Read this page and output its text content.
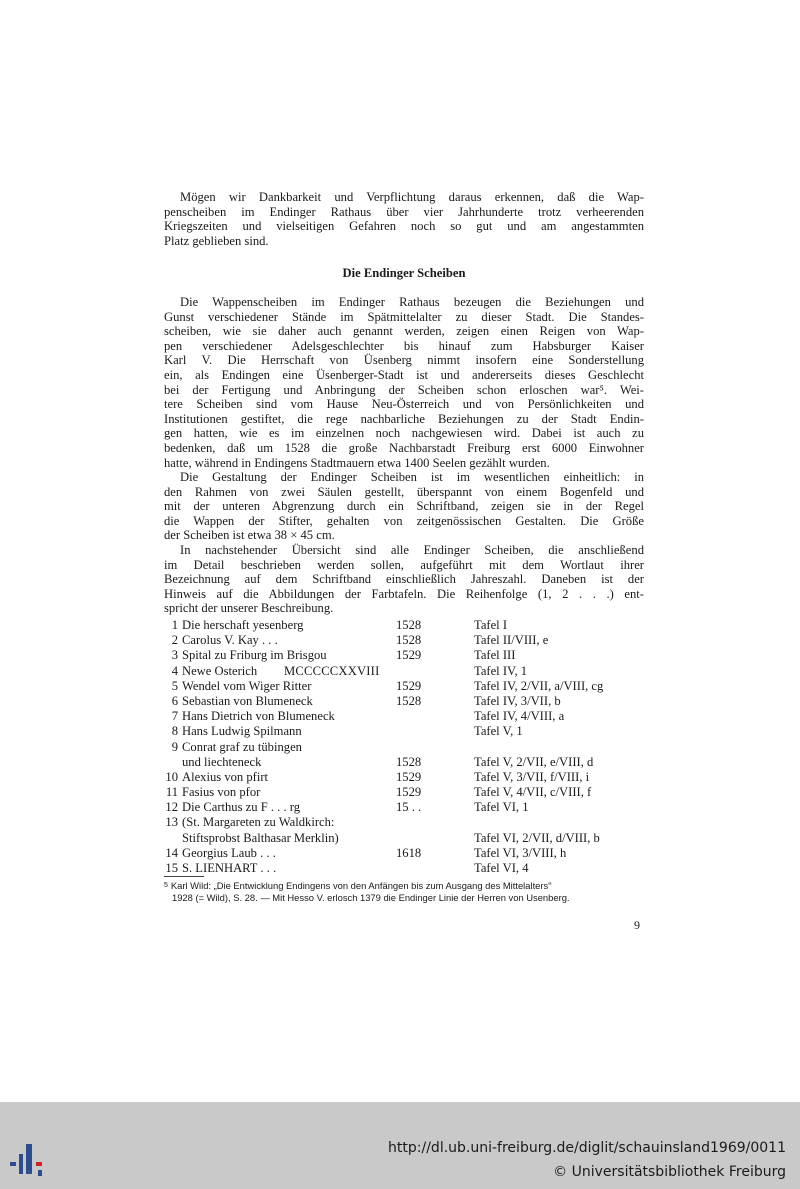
Mögen wir Dankbarkeit und Verpflichtung daraus erkennen, daß die Wap-
penscheiben im Endinger Rathaus über vier Jahrhunderte trotz verheerenden
Kriegszeiten und vielseitigen Gefahren noch so gut und am angestammten
Platz geblieben sind.
Die Endinger Scheiben
Die Wappenscheiben im Endinger Rathaus bezeugen die Beziehungen und
Gunst verschiedener Stände im Spätmittelalter zu dieser Stadt. Die Standes-
scheiben, wie sie daher auch genannt werden, zeigen einen Reigen von Wap-
pen verschiedener Adelsgeschlechter bis hinauf zum Habsburger Kaiser
Karl V. Die Herrschaft von Üsenberg nimmt insofern eine Sonderstellung
ein, als Endingen eine Üsenberger-Stadt ist und andererseits dieses Geschlecht
bei der Fertigung und Anbringung der Scheiben schon erloschen war⁵. Wei-
tere Scheiben sind vom Hause Neu-Österreich und von Persönlichkeiten und
Institutionen gestiftet, die rege nachbarliche Beziehungen zu der Stadt Endin-
gen hatten, wie es im einzelnen noch nachgewiesen wird. Dabei ist auch zu
bedenken, daß um 1528 die große Nachbarstadt Freiburg erst 6000 Einwohner
hatte, während in Endingens Stadtmauern etwa 1400 Seelen gezählt wurden.
Die Gestaltung der Endinger Scheiben ist im wesentlichen einheitlich: in
den Rahmen von zwei Säulen gestellt, überspannt von einem Bogenfeld und
mit der unteren Abgrenzung durch ein Schriftband, zeigen sie in der Regel
die Wappen der Stifter, gehalten von zeitgenössischen Gestalten. Die Größe
der Scheiben ist etwa 38 × 45 cm.
In nachstehender Übersicht sind alle Endinger Scheiben, die anschließend
im Detail beschrieben werden sollen, aufgeführt mit dem Wortlaut ihrer
Bezeichnung auf dem Schriftband einschließlich Jahreszahl. Daneben ist der
Hinweis auf die Abbildungen der Farbtafeln. Die Reihenfolge (1, 2 . . .) ent-
spricht der unserer Beschreibung.
1 Die herschaft yesenberg	1528	Tafel I
2 Carolus V. Kay . . .	1528	Tafel II/VIII, e
3 Spital zu Friburg im Brisgou	1529	Tafel III
4 Newe Osterich MCCCCCXXVIII	Tafel IV, 1
5 Wendel vom Wiger Ritter	1529	Tafel IV, 2/VII, a/VIII, cg
6 Sebastian von Blumeneck	1528	Tafel IV, 3/VII, b
7 Hans Dietrich von Blumeneck	Tafel IV, 4/VIII, a
8 Hans Ludwig Spilmann	Tafel V, 1
9 Conrat graf zu tübingen
und liechteneck	1528	Tafel V, 2/VII, e/VIII, d
10 Alexius von pfirt	1529	Tafel V, 3/VII, f/VIII, i
11 Fasius von pfor	1529	Tafel V, 4/VII, c/VIII, f
12 Die Carthus zu F . . . rg	15 . .	Tafel VI, 1
13 (St. Margareten zu Waldkirch:
Stiftsprobst Balthasar Merklin)	Tafel VI, 2/VII, d/VIII, b
14 Georgius Laub . . .	1618	Tafel VI, 3/VIII, h
15 S. LIENHART . . .	Tafel VI, 4

$^5$ Karl Wild: „Die Entwicklung Endingens von den Anfängen bis zum Ausgang des Mittelalters"
1928 (= Wild), S. 28. — Mit Hesso V. erlosch 1379 die Endinger Linie der Herren von Usenberg.

9
http://dl.ub.uni-freiburg.de/diglit/schauinsland1969/0011
© Universitätsbibliothek Freiburg
